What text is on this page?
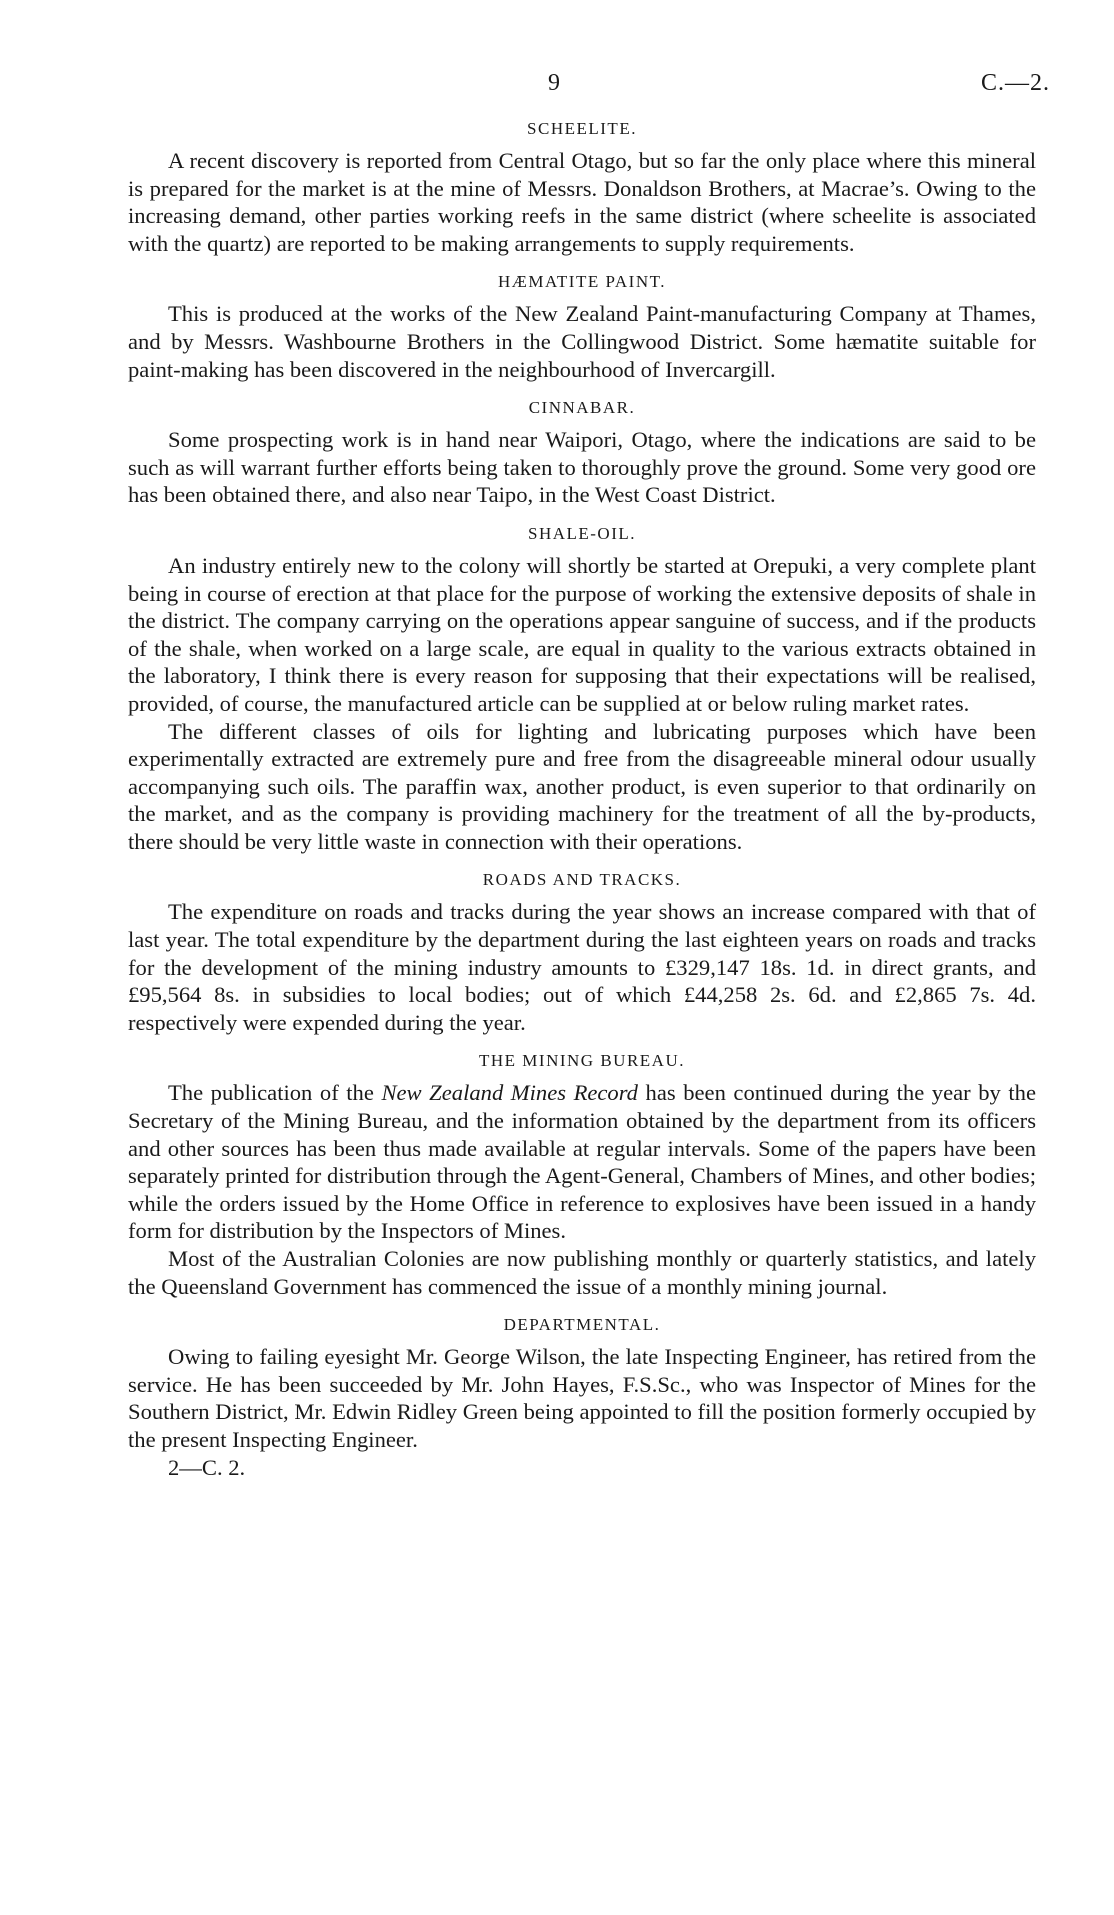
9	C.—2.
SCHEELITE.

A recent discovery is reported from Central Otago, but so far the only place where this mineral is prepared for the market is at the mine of Messrs. Donaldson Brothers, at Macrae’s. Owing to the increasing demand, other parties working reefs in the same district (where scheelite is associated with the quartz) are reported to be making arrangements to supply requirements.

HÆMATITE PAINT.

This is produced at the works of the New Zealand Paint-manufacturing Company at Thames, and by Messrs. Washbourne Brothers in the Collingwood District. Some hæmatite suitable for paint-making has been discovered in the neighbourhood of Invercargill.

CINNABAR.

Some prospecting work is in hand near Waipori, Otago, where the indications are said to be such as will warrant further efforts being taken to thoroughly prove the ground. Some very good ore has been obtained there, and also near Taipo, in the West Coast District.

SHALE-OIL.

An industry entirely new to the colony will shortly be started at Orepuki, a very complete plant being in course of erection at that place for the purpose of working the extensive deposits of shale in the district. The company carrying on the operations appear sanguine of success, and if the products of the shale, when worked on a large scale, are equal in quality to the various extracts obtained in the laboratory, I think there is every reason for supposing that their expectations will be realised, provided, of course, the manufactured article can be supplied at or below ruling market rates.

The different classes of oils for lighting and lubricating purposes which have been experimentally extracted are extremely pure and free from the disagreeable mineral odour usually accompanying such oils. The paraffin wax, another product, is even superior to that ordinarily on the market, and as the company is providing machinery for the treatment of all the by-products, there should be very little waste in connection with their operations.

ROADS AND TRACKS.

The expenditure on roads and tracks during the year shows an increase compared with that of last year. The total expenditure by the department during the last eighteen years on roads and tracks for the development of the mining industry amounts to £329,147 18s. 1d. in direct grants, and £95,564 8s. in subsidies to local bodies; out of which £44,258 2s. 6d. and £2,865 7s. 4d. respectively were expended during the year.

THE MINING BUREAU.

The publication of the New Zealand Mines Record has been continued during the year by the Secretary of the Mining Bureau, and the information obtained by the department from its officers and other sources has been thus made available at regular intervals. Some of the papers have been separately printed for distribution through the Agent-General, Chambers of Mines, and other bodies; while the orders issued by the Home Office in reference to explosives have been issued in a handy form for distribution by the Inspectors of Mines.

Most of the Australian Colonies are now publishing monthly or quarterly statistics, and lately the Queensland Government has commenced the issue of a monthly mining journal.

DEPARTMENTAL.

Owing to failing eyesight Mr. George Wilson, the late Inspecting Engineer, has retired from the service. He has been succeeded by Mr. John Hayes, F.S.Sc., who was Inspector of Mines for the Southern District, Mr. Edwin Ridley Green being appointed to fill the position formerly occupied by the present Inspecting Engineer.

2—C. 2.
